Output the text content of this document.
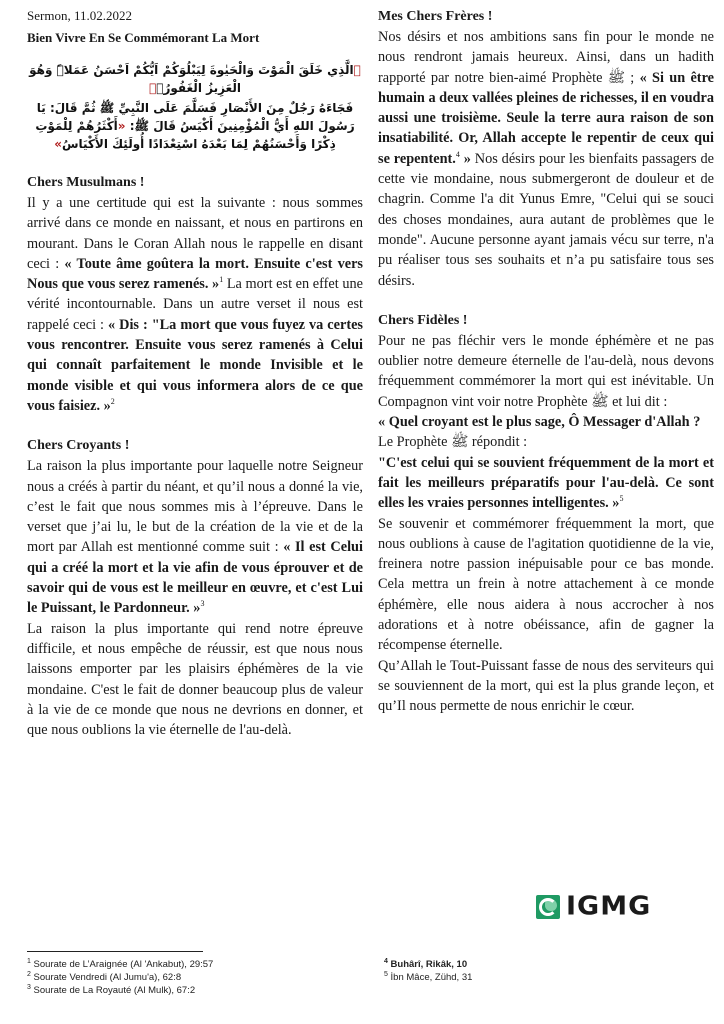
Sermon, 11.02.2022
Bien Vivre En Se Commémorant La Mort
﴿الَّذِي خَلَقَ الْمَوْتَ وَالْحَيٰوةَ لِيَبْلُوَكُمْ اَيُّكُمْ اَحْسَنُ عَمَلاًۜ وَهُوَ الْعَزِيزُ الْغَفُورُۙ﴾
فَجَاءَهُ رَجُلٌ مِنَ الأَنْصَارِ فَسَلَّمَ عَلَى النَّبِيِّ ﷺ ثُمَّ قَالَ: يَا رَسُولَ اللهِ أَيُّ الْمُؤْمِنِينَ أَكْيَسُ قَالَ ﷺ: «أَكْثَرُهُمْ لِلْمَوْتِ ذِكْرًا وَأَحْسَنُهُمْ لِمَا بَعْدَهُ اسْتِعْدَادًا أُولَئِكَ الأَكْيَاسُ»
Chers Musulmans !

Il y a une certitude qui est la suivante : nous sommes arrivé dans ce monde en naissant, et nous en partirons en mourant. Dans le Coran Allah nous le rappelle en disant ceci : « Toute âme goûtera la mort. Ensuite c'est vers Nous que vous serez ramenés. »$^1$ La mort est en effet une vérité incontournable. Dans un autre verset il nous est rappelé ceci : « Dis : "La mort que vous fuyez va certes vous rencontrer. Ensuite vous serez ramenés à Celui qui connaît parfaitement le monde Invisible et le monde visible et qui vous informera alors de ce que vous faisiez. »$^2$

Chers Croyants !

La raison la plus importante pour laquelle notre Seigneur nous a créés à partir du néant, et qu’il nous a donné la vie, c’est le fait que nous sommes mis à l’épreuve. Dans le verset que j’ai lu, le but de la création de la vie et de la mort par Allah est mentionné comme suit : « Il est Celui qui a créé la mort et la vie afin de vous éprouver et de savoir qui de vous est le meilleur en œuvre, et c'est Lui le Puissant, le Pardonneur. »$^3$

La raison la plus importante qui rend notre épreuve difficile, et nous empêche de réussir, est que nous nous laissons emporter par les plaisirs éphémères de la vie mondaine. C'est le fait de donner beaucoup plus de valeur à la vie de ce monde que nous ne devrions en donner, et que nous oublions la vie éternelle de l'au-delà.

Mes Chers Frères !

Nos désirs et nos ambitions sans fin pour le monde ne nous rendront jamais heureux. Ainsi, dans un hadith rapporté par notre bien-aimé Prophète ﷺ ; « Si un être humain a deux vallées pleines de richesses, il en voudra aussi une troisième. Seule la terre aura raison de son insatiabilité. Or, Allah accepte le repentir de ceux qui se repentent.$^4$ » Nos désirs pour les bienfaits passagers de cette vie mondaine, nous submergeront de douleur et de chagrin. Comme l'a dit Yunus Emre, "Celui qui se souci des choses mondaines, aura autant de problèmes que le monde". Aucune personne ayant jamais vécu sur terre, n'a pu réaliser tous ses souhaits et n’a pu satisfaire tous ses désirs.

Chers Fidèles !

Pour ne pas fléchir vers le monde éphémère et ne pas oublier notre demeure éternelle de l'au-delà, nous devons fréquemment commémorer la mort qui est inévitable. Un Compagnon vint voir notre Prophète ﷺ et lui dit :

« Quel croyant est le plus sage, Ô Messager d'Allah ?

Le Prophète ﷺ répondit :

"C'est celui qui se souvient fréquemment de la mort et fait les meilleurs préparatifs pour l'au-delà. Ce sont elles les vraies personnes intelligentes. »$^5$

Se souvenir et commémorer fréquemment la mort, que nous oublions à cause de l'agitation quotidienne de la vie, freinera notre passion inépuisable pour ce bas monde. Cela mettra un frein à notre attachement à ce monde éphémère, elle nous aidera à nous accrocher à nos adorations et à notre obéissance, afin de gagner la récompense éternelle.

Qu’Allah le Tout-Puissant fasse de nous des serviteurs qui se souviennent de la mort, qui est la plus grande leçon, et qu’Il nous permette de nous enrichir le cœur.

IGMG
$^1$ Sourate de L’Araignée (Al 'Ankabut), 29:57
$^2$ Sourate Vendredi (Al Jumu'a), 62:8
$^3$ Sourate de La Royauté (Al Mulk), 67:2
$^4$ Buhârî, Rikâk, 10
$^5$ İbn Mâce, Zühd, 31
